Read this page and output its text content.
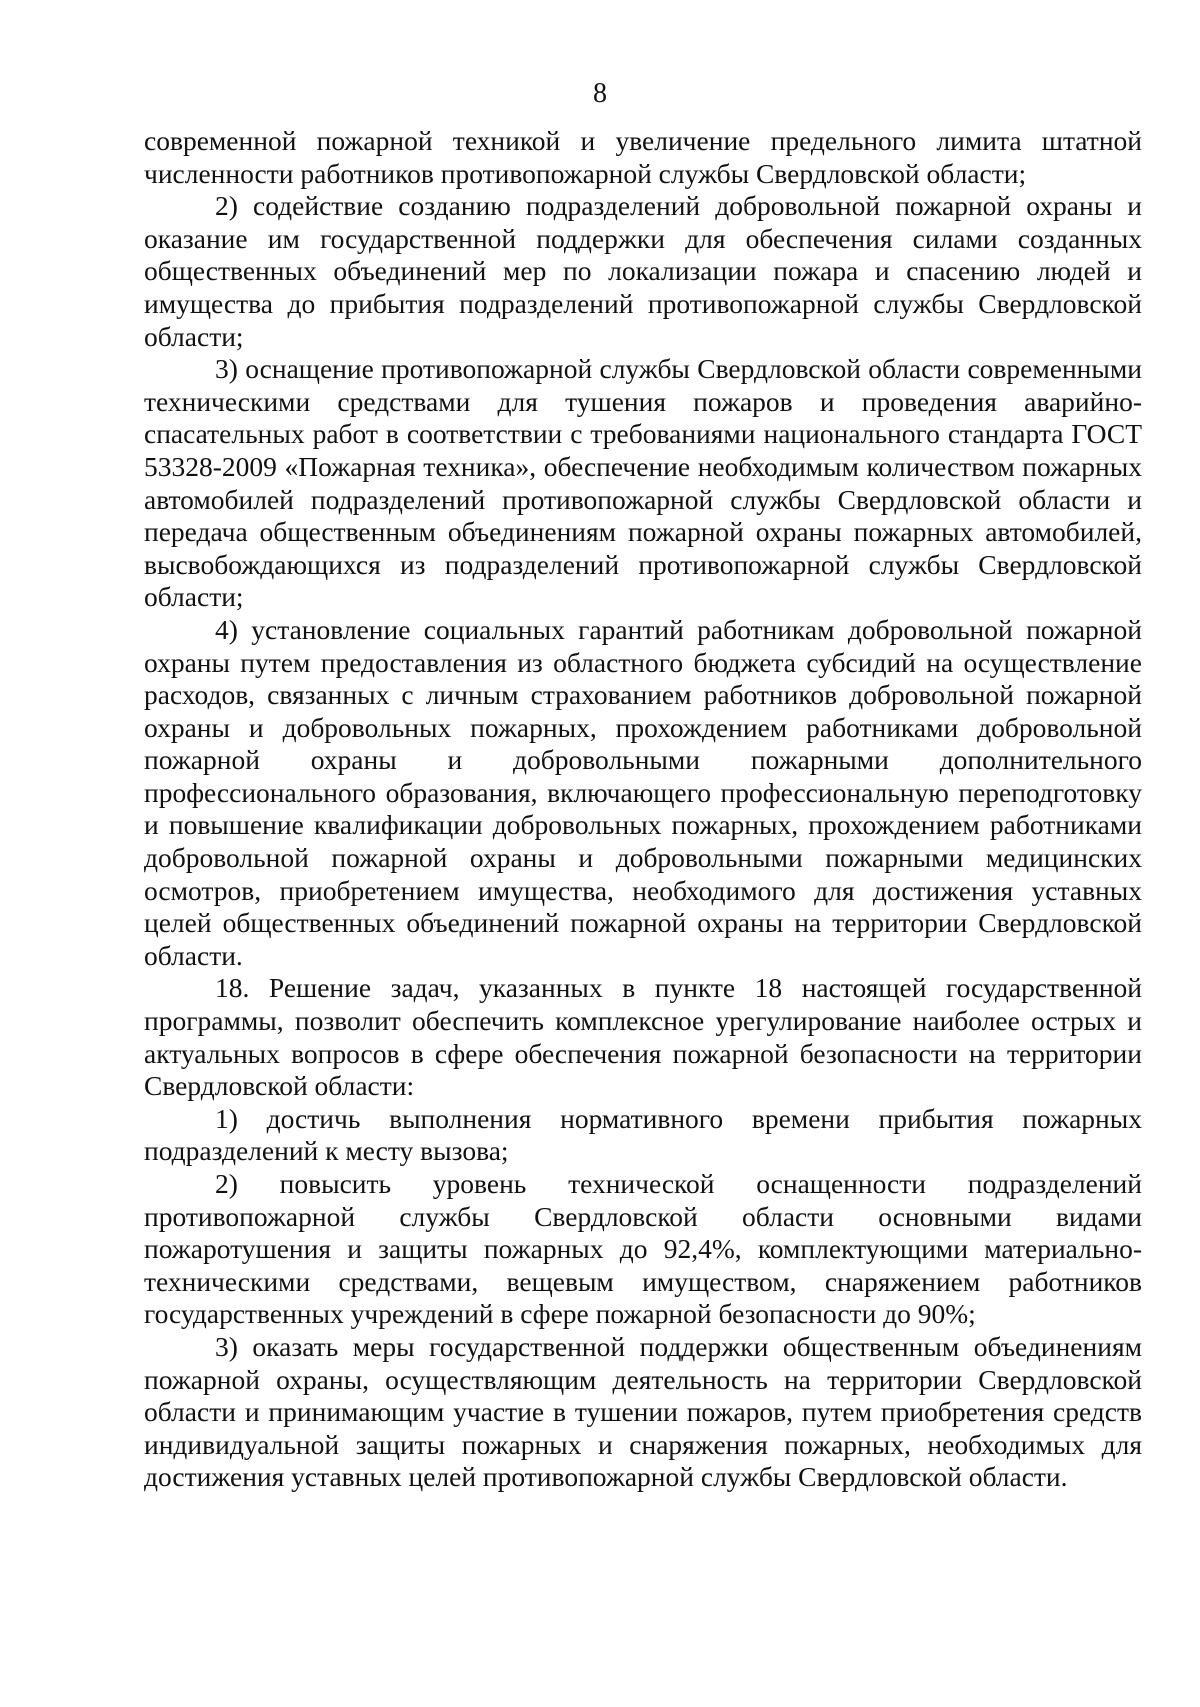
8

современной пожарной техникой и увеличение предельного лимита штатной численности работников противопожарной службы Свердловской области;

2) содействие созданию подразделений добровольной пожарной охраны и оказание им государственной поддержки для обеспечения силами созданных общественных объединений мер по локализации пожара и спасению людей и имущества до прибытия подразделений противопожарной службы Свердловской области;

3) оснащение противопожарной службы Свердловской области современными техническими средствами для тушения пожаров и проведения аварийно-спасательных работ в соответствии с требованиями национального стандарта ГОСТ 53328-2009 «Пожарная техника», обеспечение необходимым количеством пожарных автомобилей подразделений противопожарной службы Свердловской области и передача общественным объединениям пожарной охраны пожарных автомобилей, высвобождающихся из подразделений противопожарной службы Свердловской области;

4) установление социальных гарантий работникам добровольной пожарной охраны путем предоставления из областного бюджета субсидий на осуществление расходов, связанных с личным страхованием работников добровольной пожарной охраны и добровольных пожарных, прохождением работниками добровольной пожарной охраны и добровольными пожарными дополнительного профессионального образования, включающего профессиональную переподготовку и повышение квалификации добровольных пожарных, прохождением работниками добровольной пожарной охраны и добровольными пожарными медицинских осмотров, приобретением имущества, необходимого для достижения уставных целей общественных объединений пожарной охраны на территории Свердловской области.

18. Решение задач, указанных в пункте 18 настоящей государственной программы, позволит обеспечить комплексное урегулирование наиболее острых и актуальных вопросов в сфере обеспечения пожарной безопасности на территории Свердловской области:

1) достичь выполнения нормативного времени прибытия пожарных подразделений к месту вызова;

2) повысить уровень технической оснащенности подразделений противопожарной службы Свердловской области основными видами пожаротушения и защиты пожарных до 92,4%, комплектующими материально-техническими средствами, вещевым имуществом, снаряжением работников государственных учреждений в сфере пожарной безопасности до 90%;

3) оказать меры государственной поддержки общественным объединениям пожарной охраны, осуществляющим деятельность на территории Свердловской области и принимающим участие в тушении пожаров, путем приобретения средств индивидуальной защиты пожарных и снаряжения пожарных, необходимых для достижения уставных целей противопожарной службы Свердловской области.
